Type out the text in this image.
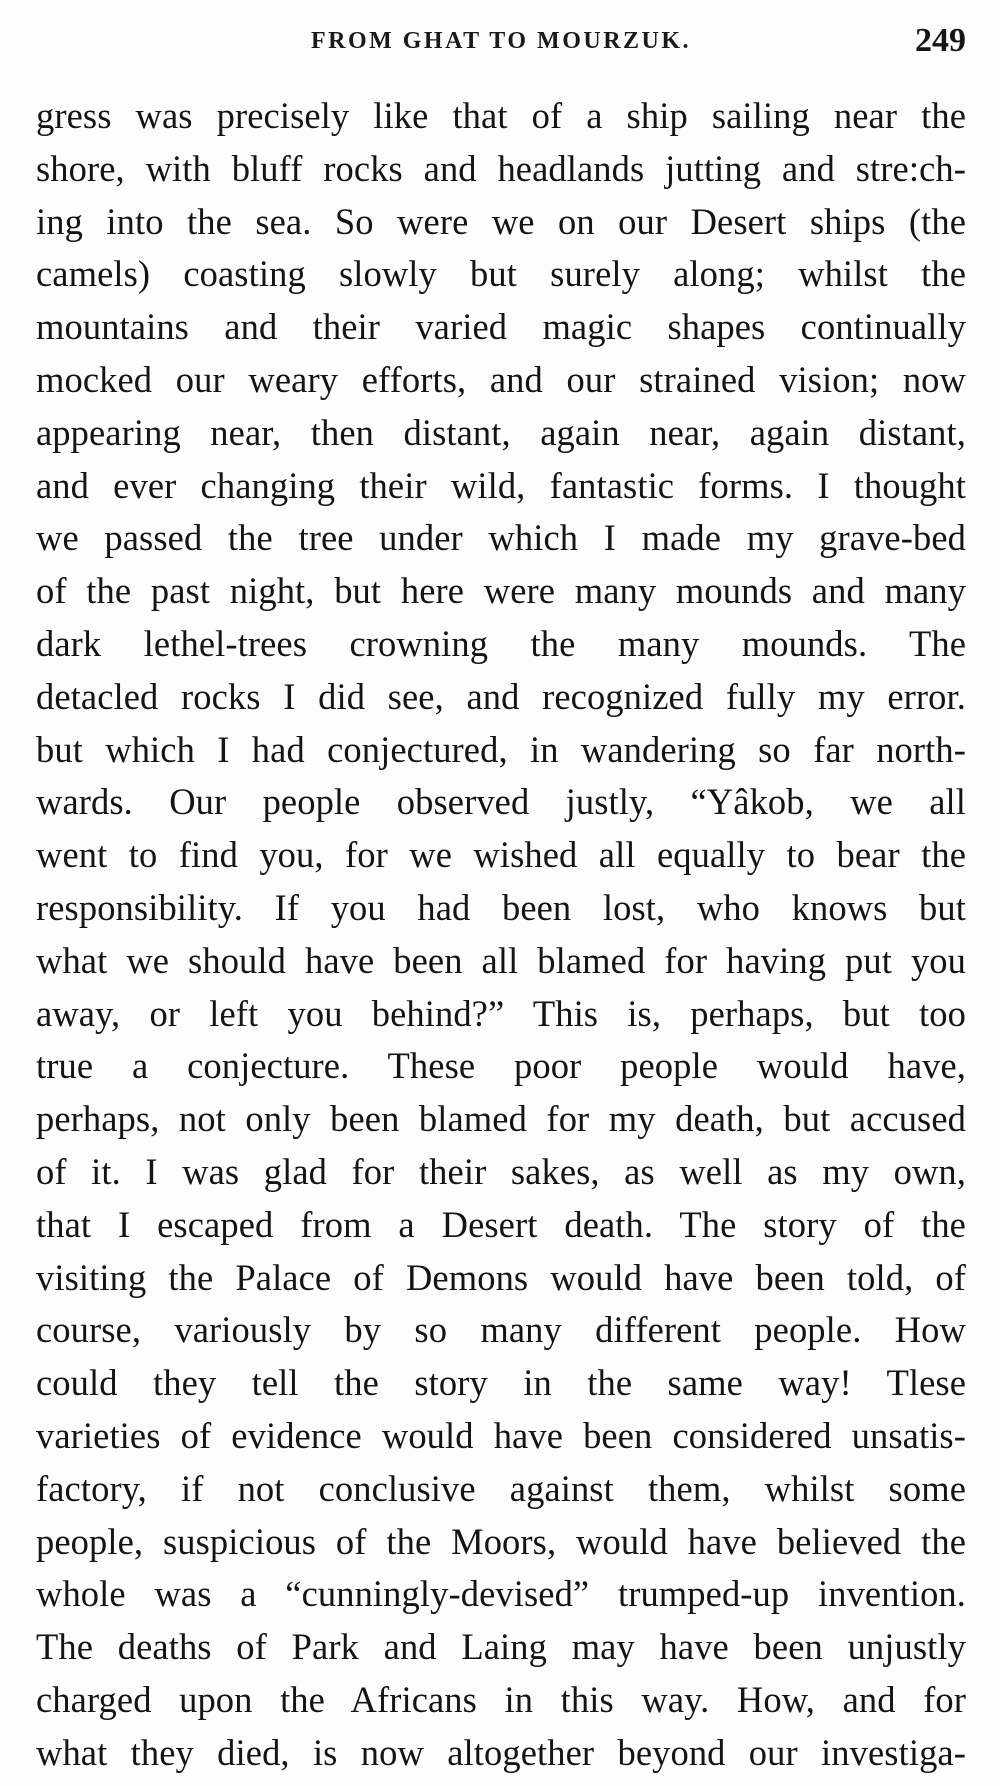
FROM GHAT TO MOURZUK.	249
gress was precisely like that of a ship sailing near the
shore, with bluff rocks and headlands jutting and stre:ch-
ing into the sea. So were we on our Desert ships (the
camels) coasting slowly but surely along; whilst the
mountains and their varied magic shapes continually
mocked our weary efforts, and our strained vision; now
appearing near, then distant, again near, again distant,
and ever changing their wild, fantastic forms. I thought
we passed the tree under which I made my grave-bed
of the past night, but here were many mounds and many
dark lethel-trees crowning the many mounds. The
detacled rocks I did see, and recognized fully my error.
but which I had conjectured, in wandering so far north-
wards. Our people observed justly, “Yâkob, we all
went to find you, for we wished all equally to bear the
responsibility. If you had been lost, who knows but
what we should have been all blamed for having put you
away, or left you behind?” This is, perhaps, but too
true a conjecture. These poor people would have,
perhaps, not only been blamed for my death, but accused
of it. I was glad for their sakes, as well as my own,
that I escaped from a Desert death. The story of the
visiting the Palace of Demons would have been told, of
course, variously by so many different people. How
could they tell the story in the same way! Tlese
varieties of evidence would have been considered unsatis-
factory, if not conclusive against them, whilst some
people, suspicious of the Moors, would have believed the
whole was a “cunningly-devised” trumped-up invention.
The deaths of Park and Laing may have been unjustly
charged upon the Africans in this way. How, and for
what they died, is now altogether beyond our investiga-
